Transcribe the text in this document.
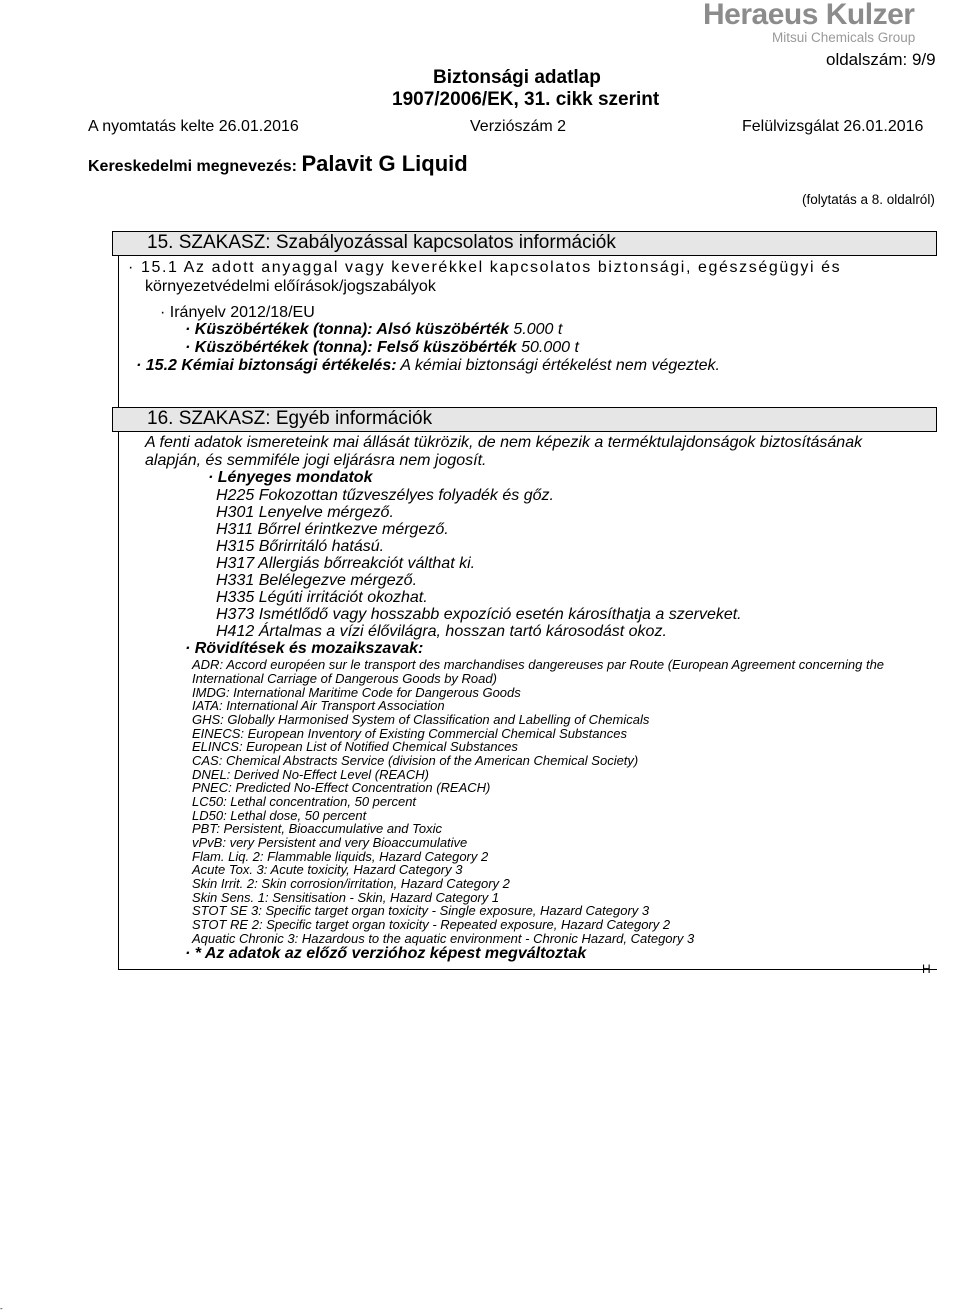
Heraeus Kulzer
Mitsui Chemicals Group
oldalszám: 9/9
Biztonsági adatlap
1907/2006/EK, 31. cikk szerint
A nyomtatás kelte 26.01.2016	Verziószám 2	Felülvizsgálat 26.01.2016
Kereskedelmi megnevezés: Palavit G Liquid
(folytatás a 8. oldalról)
15. SZAKASZ: Szabályozással kapcsolatos információk
· 15.1 Az adott anyaggal vagy keverékkel kapcsolatos biztonsági, egészségügyi és
környezetvédelmi előírások/jogszabályok
· Irányelv 2012/18/EU
· Küszöbértékek (tonna): Alsó küszöbérték 5.000 t
· Küszöbértékek (tonna): Felső küszöbérték 50.000 t
· 15.2 Kémiai biztonsági értékelés: A kémiai biztonsági értékelést nem végeztek.
16. SZAKASZ: Egyéb információk
A fenti adatok ismereteink mai állását tükrözik, de nem képezik a terméktulajdonságok biztosításának
alapján, és semmiféle jogi eljárásra nem jogosít.
· Lényeges mondatok
H225 Fokozottan tűzveszélyes folyadék és gőz.
H301 Lenyelve mérgező.
H311 Bőrrel érintkezve mérgező.
H315 Bőrirritáló hatású.
H317 Allergiás bőrreakciót válthat ki.
H331 Belélegezve mérgező.
H335 Légúti irritációt okozhat.
H373 Ismétlődő vagy hosszabb expozíció esetén károsíthatja a szerveket.
H412 Ártalmas a vízi élővilágra, hosszan tartó károsodást okoz.
· Rövidítések és mozaikszavak:
ADR: Accord européen sur le transport des marchandises dangereuses par Route (European Agreement concerning the
International Carriage of Dangerous Goods by Road)
IMDG: International Maritime Code for Dangerous Goods
IATA: International Air Transport Association
GHS: Globally Harmonised System of Classification and Labelling of Chemicals
EINECS: European Inventory of Existing Commercial Chemical Substances
ELINCS: European List of Notified Chemical Substances
CAS: Chemical Abstracts Service (division of the American Chemical Society)
DNEL: Derived No-Effect Level (REACH)
PNEC: Predicted No-Effect Concentration (REACH)
LC50: Lethal concentration, 50 percent
LD50: Lethal dose, 50 percent
PBT: Persistent, Bioaccumulative and Toxic
vPvB: very Persistent and very Bioaccumulative
Flam. Liq. 2: Flammable liquids, Hazard Category 2
Acute Tox. 3: Acute toxicity, Hazard Category 3
Skin Irrit. 2: Skin corrosion/irritation, Hazard Category 2
Skin Sens. 1: Sensitisation - Skin, Hazard Category 1
STOT SE 3: Specific target organ toxicity - Single exposure, Hazard Category 3
STOT RE 2: Specific target organ toxicity - Repeated exposure, Hazard Category 2
Aquatic Chronic 3: Hazardous to the aquatic environment - Chronic Hazard, Category 3
· * Az adatok az előző verzióhoz képest megváltoztak
H
-
